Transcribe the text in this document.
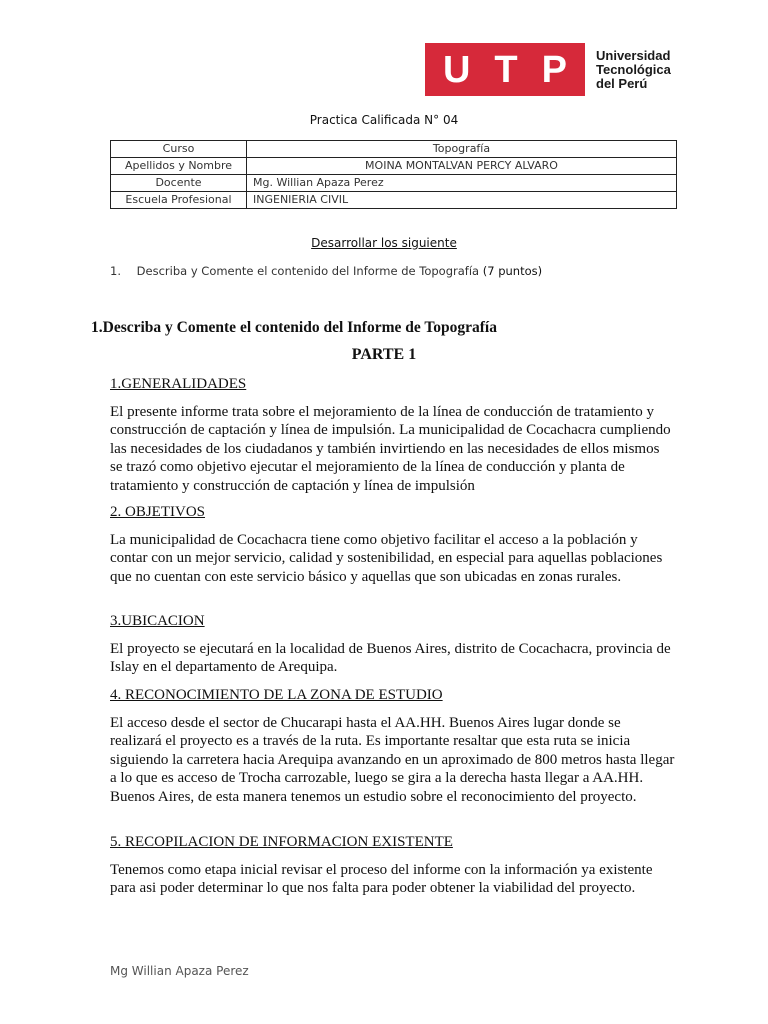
U T P Universidad
Tecnológica
del Perú
Practica Calificada N° 04
Curso	Topografía
Apellidos y Nombre	MOINA MONTALVAN PERCY ALVARO
Docente	Mg. Willian Apaza Perez
Escuela Profesional	INGENIERIA CIVIL
Desarrollar los siguiente
1. Describa y Comente el contenido del Informe de Topografía (7 puntos)
1.Describa y Comente el contenido del Informe de Topografía
PARTE 1

1.GENERALIDADES

El presente informe trata sobre el mejoramiento de la línea de conducción de tratamiento y construcción de captación y línea de impulsión. La municipalidad de Cocachacra cumpliendo las necesidades de los ciudadanos y también invirtiendo en las necesidades de ellos mismos se trazó como objetivo ejecutar el mejoramiento de la línea de conducción y planta de tratamiento y construcción de captación y línea de impulsión

2. OBJETIVOS

La municipalidad de Cocachacra tiene como objetivo facilitar el acceso a la población y contar con un mejor servicio, calidad y sostenibilidad, en especial para aquellas poblaciones que no cuentan con este servicio básico y aquellas que son ubicadas en zonas rurales.

3.UBICACION

El proyecto se ejecutará en la localidad de Buenos Aires, distrito de Cocachacra, provincia de Islay en el departamento de Arequipa.

4. RECONOCIMIENTO DE LA ZONA DE ESTUDIO

El acceso desde el sector de Chucarapi hasta el AA.HH. Buenos Aires lugar donde se realizará el proyecto es a través de la ruta. Es importante resaltar que esta ruta se inicia siguiendo la carretera hacia Arequipa avanzando en un aproximado de 800 metros hasta llegar a lo que es acceso de Trocha carrozable, luego se gira a la derecha hasta llegar a AA.HH. Buenos Aires, de esta manera tenemos un estudio sobre el reconocimiento del proyecto.

5. RECOPILACION DE INFORMACION EXISTENTE

Tenemos como etapa inicial revisar el proceso del informe con la información ya existente para asi poder determinar lo que nos falta para poder obtener la viabilidad del proyecto.

Mg Willian Apaza Perez
